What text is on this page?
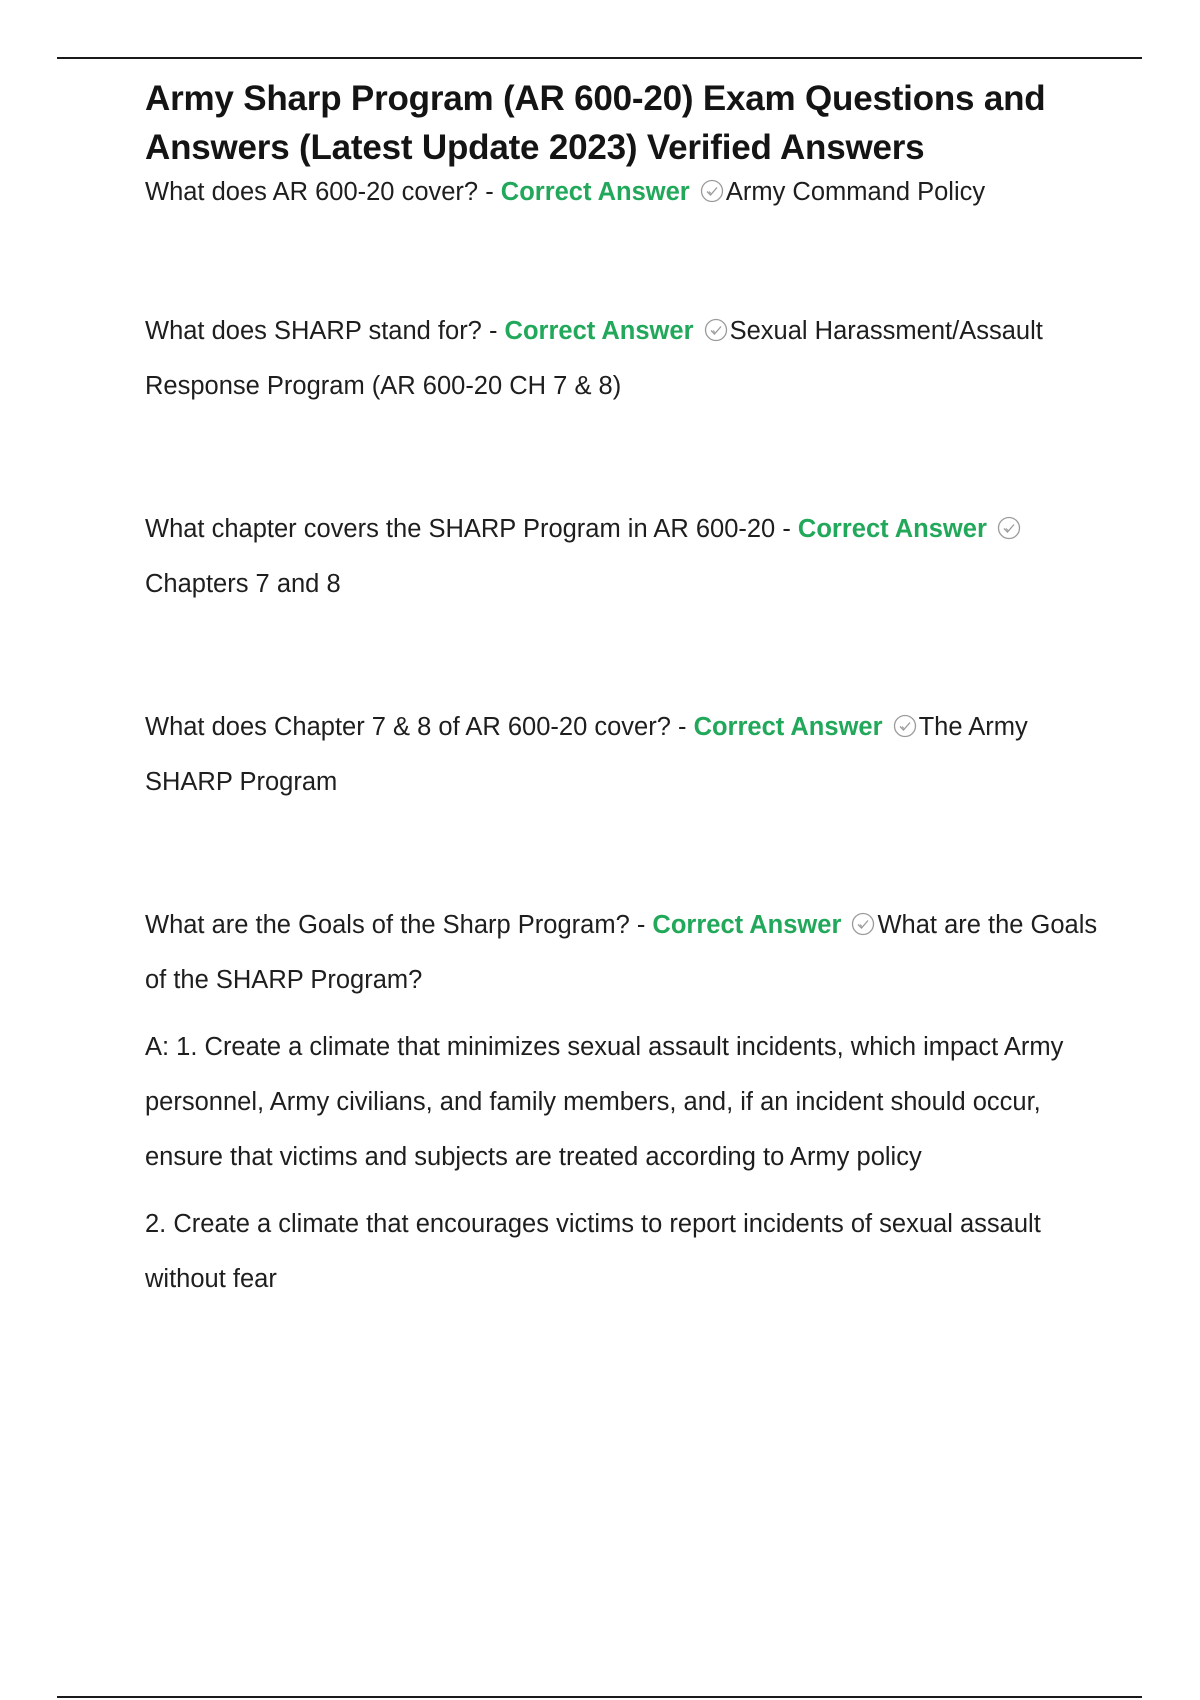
Army Sharp Program (AR 600-20) Exam Questions and Answers (Latest Update 2023) Verified Answers

What does AR 600-20 cover? - Correct Answer Army Command Policy

What does SHARP stand for? - Correct Answer Sexual Harassment/Assault Response Program (AR 600-20 CH 7 & 8)

What chapter covers the SHARP Program in AR 600-20 - Correct Answer
Chapters 7 and 8

What does Chapter 7 & 8 of AR 600-20 cover? - Correct Answer The Army SHARP Program

What are the Goals of the Sharp Program? - Correct Answer What are the Goals of the SHARP Program?

A: 1. Create a climate that minimizes sexual assault incidents, which impact Army personnel, Army civilians, and family members, and, if an incident should occur, ensure that victims and subjects are treated according to Army policy

2. Create a climate that encourages victims to report incidents of sexual assault without fear
